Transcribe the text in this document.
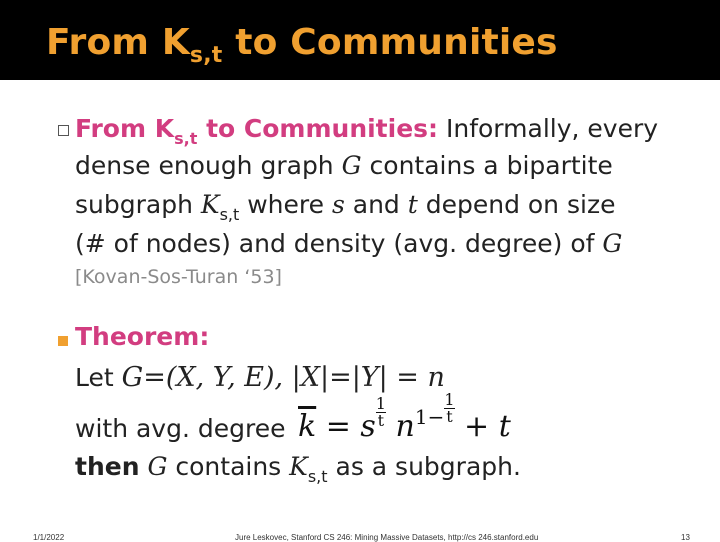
From $K_{s,t}$ to Communities
From $K_{s,t}$ to Communities: Informally, every
dense enough graph G contains a bipartite
subgraph $K_{s,t}$ where s and t depend on size
(# of nodes) and density (avg. degree) of G
[Kovan-Sos-Turan ‘53]
Theorem:
Let G=(X, Y, E), |X|=|Y| = n
with avg. degree $\overline{k} = s \frac{1}{t} n^{1-} \frac{1}{t}$
+ t
then G contains $K_{s,t}$ as a subgraph.
1/1/2022	Jure Leskovec, Stanford CS 246: Mining Massive Datasets, http://cs 246.stanford.edu	13
